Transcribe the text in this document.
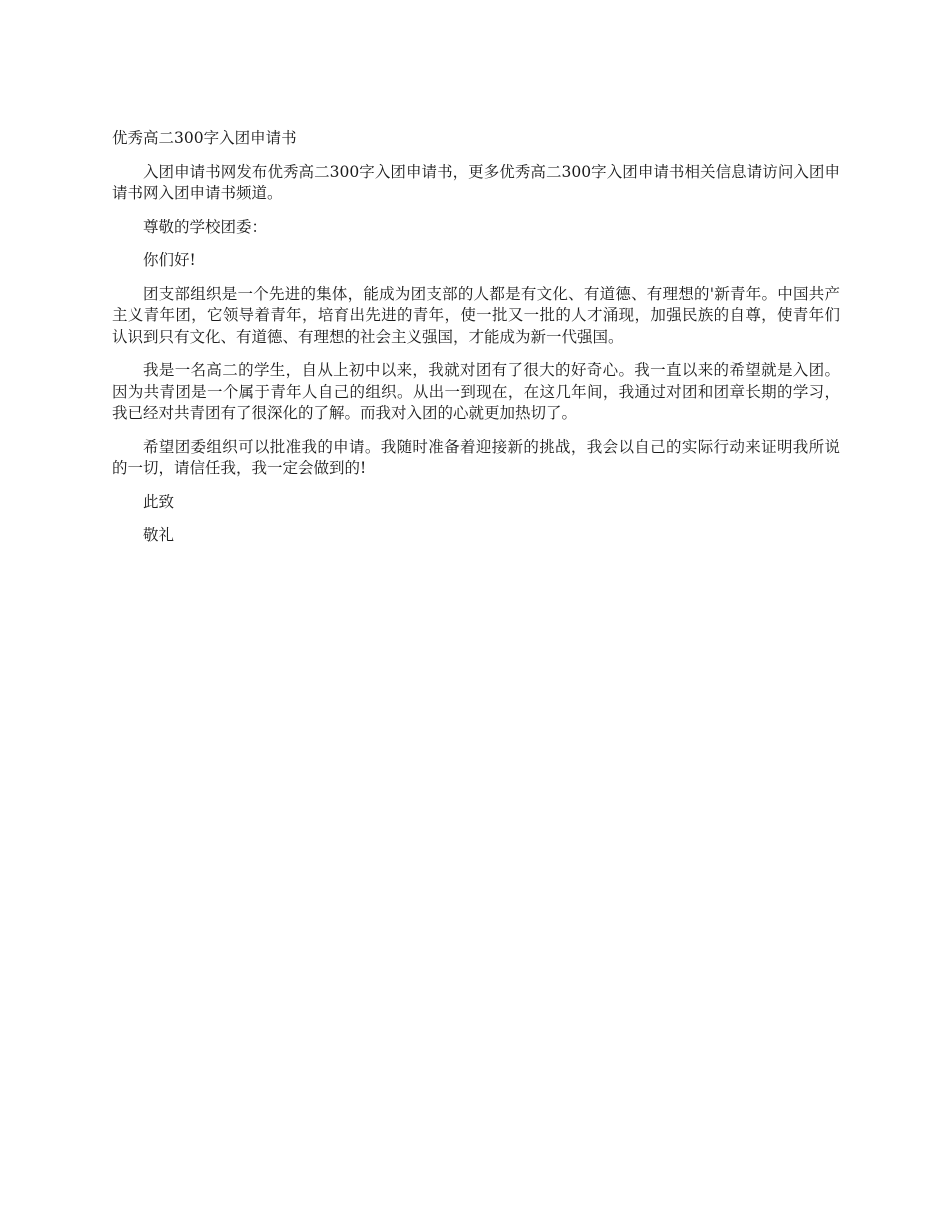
优秀高二300字入团申请书

入团申请书网发布优秀高二300字入团申请书，更多优秀高二300字入团申请书相关信息请访问入团申请书网入团申请书频道。

尊敬的学校团委：

你们好!

团支部组织是一个先进的集体，能成为团支部的人都是有文化、有道德、有理想的'新青年。中国共产主义青年团，它领导着青年，培育出先进的青年，使一批又一批的人才涌现，加强民族的自尊，使青年们认识到只有文化、有道德、有理想的社会主义强国，才能成为新一代强国。

我是一名高二的学生，自从上初中以来，我就对团有了很大的好奇心。我一直以来的希望就是入团。因为共青团是一个属于青年人自己的组织。从出一到现在，在这几年间，我通过对团和团章长期的学习，我已经对共青团有了很深化的了解。而我对入团的心就更加热切了。

希望团委组织可以批准我的申请。我随时准备着迎接新的挑战，我会以自己的实际行动来证明我所说的一切，请信任我，我一定会做到的!

此致

敬礼
